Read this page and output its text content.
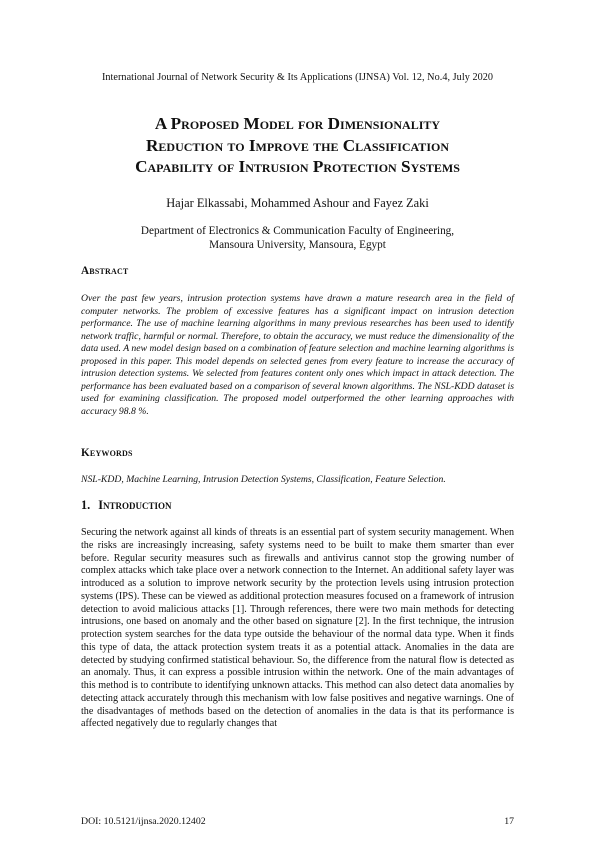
International Journal of Network Security & Its Applications (IJNSA) Vol. 12, No.4, July 2020
A Proposed Model for Dimensionality
Reduction to Improve the Classification
Capability of Intrusion Protection Systems
Hajar Elkassabi, Mohammed Ashour and Fayez Zaki
Department of Electronics & Communication Faculty of Engineering,
Mansoura University, Mansoura, Egypt
Abstract
Over the past few years, intrusion protection systems have drawn a mature research area in the field of computer networks. The problem of excessive features has a significant impact on intrusion detection performance. The use of machine learning algorithms in many previous researches has been used to identify network traffic, harmful or normal. Therefore, to obtain the accuracy, we must reduce the dimensionality of the data used. A new model design based on a combination of feature selection and machine learning algorithms is proposed in this paper. This model depends on selected genes from every feature to increase the accuracy of intrusion detection systems. We selected from features content only ones which impact in attack detection. The performance has been evaluated based on a comparison of several known algorithms. The NSL-KDD dataset is used for examining classification. The proposed model outperformed the other learning approaches with accuracy 98.8 %.
Keywords
NSL-KDD, Machine Learning, Intrusion Detection Systems, Classification, Feature Selection.
1. Introduction
Securing the network against all kinds of threats is an essential part of system security management. When the risks are increasingly increasing, safety systems need to be built to make them smarter than ever before. Regular security measures such as firewalls and antivirus cannot stop the growing number of complex attacks which take place over a network connection to the Internet. An additional safety layer was introduced as a solution to improve network security by the protection levels using intrusion protection systems (IPS). These can be viewed as additional protection measures focused on a framework of intrusion detection to avoid malicious attacks [1]. Through references, there were two main methods for detecting intrusions, one based on anomaly and the other based on signature [2]. In the first technique, the intrusion protection system searches for the data type outside the behaviour of the normal data type. When it finds this type of data, the attack protection system treats it as a potential attack. Anomalies in the data are detected by studying confirmed statistical behaviour. So, the difference from the natural flow is detected as an anomaly. Thus, it can express a possible intrusion within the network. One of the main advantages of this method is to contribute to identifying unknown attacks. This method can also detect data anomalies by detecting attack accurately through this mechanism with low false positives and negative warnings. One of the disadvantages of methods based on the detection of anomalies in the data is that its performance is affected negatively due to regularly changes that
DOI: 10.5121/ijnsa.2020.12402	17
